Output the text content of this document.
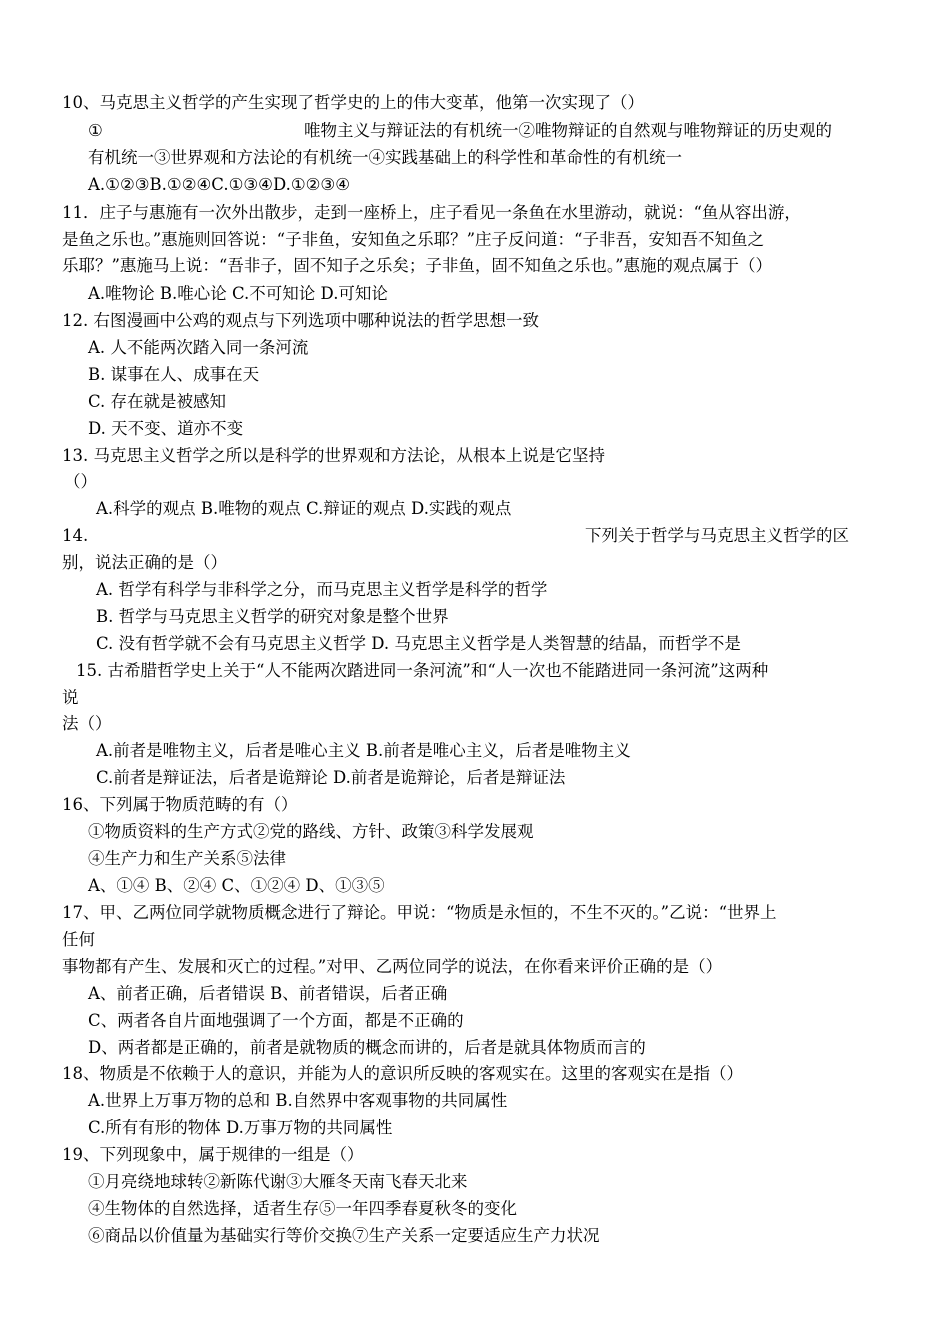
10、马克思主义哲学的产生实现了哲学史的上的伟大变革，他第一次实现了（）
①	唯物主义与辩证法的有机统一②唯物辩证的自然观与唯物辩证的历史观的
有机统一③世界观和方法论的有机统一④实践基础上的科学性和革命性的有机统一
A.①②③B.①②④C.①③④D.①②③④
11．庄子与惠施有一次外出散步，走到一座桥上，庄子看见一条鱼在水里游动，就说：“鱼从容出游，
是鱼之乐也。”惠施则回答说：“子非鱼，安知鱼之乐耶？”庄子反问道：“子非吾，安知吾不知鱼之
乐耶？”惠施马上说：“吾非子，固不知子之乐矣；子非鱼，固不知鱼之乐也。”惠施的观点属于（）
A.唯物论 B.唯心论 C.不可知论 D.可知论
12. 右图漫画中公鸡的观点与下列选项中哪种说法的哲学思想一致
A. 人不能两次踏入同一条河流
B. 谋事在人、成事在天
C. 存在就是被感知
D. 天不变、道亦不变
13. 马克思主义哲学之所以是科学的世界观和方法论，从根本上说是它坚持
（）
A.科学的观点 B.唯物的观点 C.辩证的观点 D.实践的观点
14.	下列关于哲学与马克思主义哲学的区
别，说法正确的是（）
A. 哲学有科学与非科学之分，而马克思主义哲学是科学的哲学
B. 哲学与马克思主义哲学的研究对象是整个世界
C. 没有哲学就不会有马克思主义哲学 D. 马克思主义哲学是人类智慧的结晶，而哲学不是
15. 古希腊哲学史上关于“人不能两次踏进同一条河流”和“人一次也不能踏进同一条河流”这两种
说
法（）
A.前者是唯物主义，后者是唯心主义 B.前者是唯心主义，后者是唯物主义
C.前者是辩证法，后者是诡辩论 D.前者是诡辩论，后者是辩证法
16、下列属于物质范畴的有（）
①物质资料的生产方式②党的路线、方针、政策③科学发展观
④生产力和生产关系⑤法律
A、①④ B、②④ C、①②④ D、①③⑤
17、甲、乙两位同学就物质概念进行了辩论。甲说：“物质是永恒的，不生不灭的。”乙说：“世界上
任何
事物都有产生、发展和灭亡的过程。”对甲、乙两位同学的说法，在你看来评价正确的是（）
A、前者正确，后者错误 B、前者错误，后者正确
C、两者各自片面地强调了一个方面，都是不正确的
D、两者都是正确的，前者是就物质的概念而讲的，后者是就具体物质而言的
18、物质是不依赖于人的意识，并能为人的意识所反映的客观实在。这里的客观实在是指（）
A.世界上万事万物的总和 B.自然界中客观事物的共同属性
C.所有有形的物体 D.万事万物的共同属性
19、下列现象中，属于规律的一组是（）
①月亮绕地球转②新陈代谢③大雁冬天南飞春天北来
④生物体的自然选择，适者生存⑤一年四季春夏秋冬的变化
⑥商品以价值量为基础实行等价交换⑦生产关系一定要适应生产力状况
